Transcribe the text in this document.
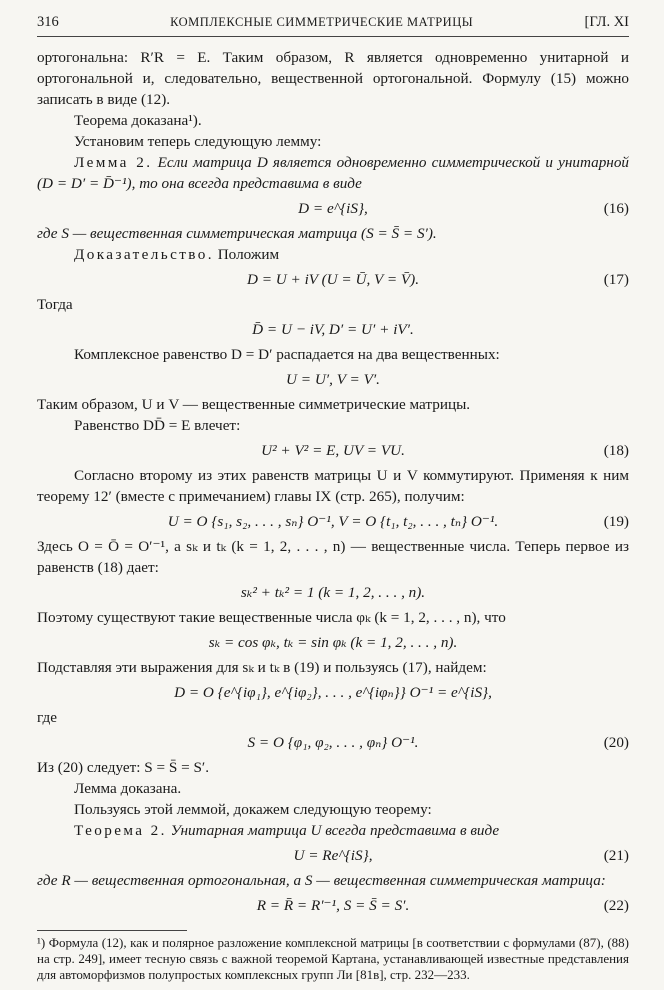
316	КОМПЛЕКСНЫЕ СИММЕТРИЧЕСКИЕ МАТРИЦЫ	[ГЛ. XI

ортогональна: R′R = E. Таким образом, R является одновременно унитарной и ортогональной и, следовательно, вещественной ортогональной. Формулу (15) можно записать в виде (12).

Теорема доказана¹).

Установим теперь следующую лемму:

Лемма 2. Если матрица D является одновременно симметрической и унитарной (D = D′ = D̄⁻¹), то она всегда представима в виде

D = e^{iS},	(16)

где S — вещественная симметрическая матрица (S = S̄ = S′).

Доказательство. Положим

D = U + iV (U = Ū, V = V̄).	(17)

Тогда

D̄ = U − iV, D′ = U′ + iV′.

Комплексное равенство D = D′ распадается на два вещественных:

U = U′, V = V′.

Таким образом, U и V — вещественные симметрические матрицы.

Равенство DD̄ = E влечет:

U² + V² = E, UV = VU.	(18)

Согласно второму из этих равенств матрицы U и V коммутируют. Применяя к ним теорему 12′ (вместе с примечанием) главы IX (стр. 265), получим:

U = O {s₁, s₂, . . . , sₙ} O⁻¹, V = O {t₁, t₂, . . . , tₙ} O⁻¹.	(19)

Здесь O = Ō = O′⁻¹, а sₖ и tₖ (k = 1, 2, . . . , n) — вещественные числа. Теперь первое из равенств (18) дает:

sₖ² + tₖ² = 1 (k = 1, 2, . . . , n).

Поэтому существуют такие вещественные числа φₖ (k = 1, 2, . . . , n), что

sₖ = cos φₖ, tₖ = sin φₖ (k = 1, 2, . . . , n).

Подставляя эти выражения для sₖ и tₖ в (19) и пользуясь (17), найдем:

D = O {e^{iφ₁}, e^{iφ₂}, . . . , e^{iφₙ}} O⁻¹ = e^{iS},

где

S = O {φ₁, φ₂, . . . , φₙ} O⁻¹.	(20)

Из (20) следует: S = S̄ = S′.

Лемма доказана.

Пользуясь этой леммой, докажем следующую теорему:

Теорема 2. Унитарная матрица U всегда представима в виде

U = Re^{iS},	(21)

где R — вещественная ортогональная, а S — вещественная симметрическая матрица:

R = R̄ = R′⁻¹, S = S̄ = S′.	(22)

¹) Формула (12), как и полярное разложение комплексной матрицы [в соответствии с формулами (87), (88) на стр. 249], имеет тесную связь с важной теоремой Картана, устанавливающей известные представления для автоморфизмов полупростых комплексных групп Ли [81в], стр. 232—233.
